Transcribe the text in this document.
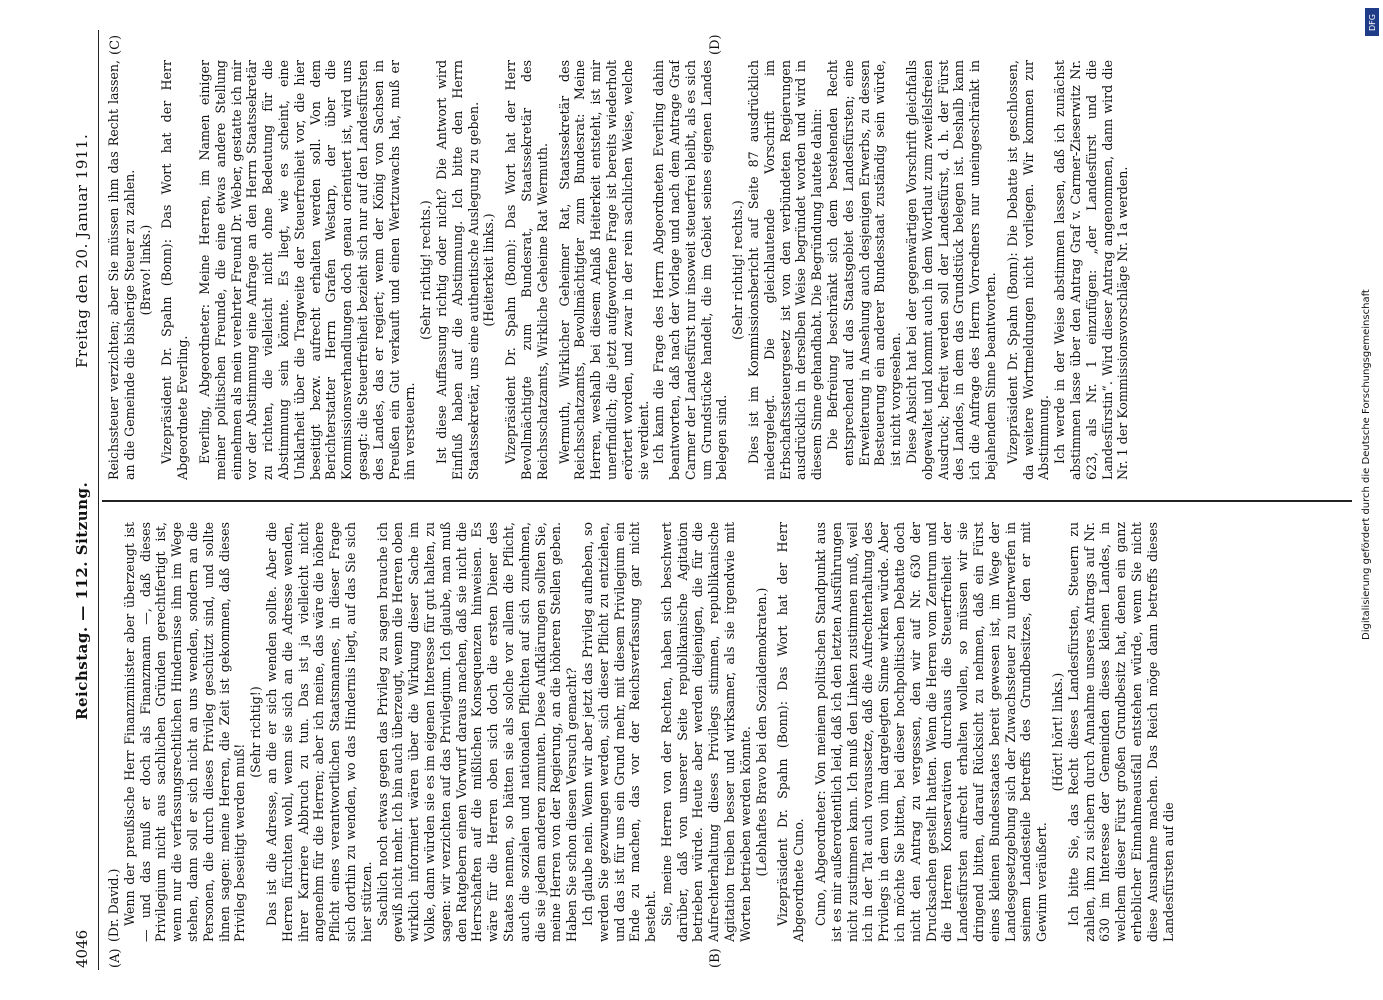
4046
Reichstag. — 112. Sitzung.
Freitag den 20. Januar 1911.
(A)	(B)
(C)	(D)

(Dr. David.) Wenn der preußische Herr Finanzminister aber überzeugt ist — und das muß er doch als Finanzmann —, daß dieses Privilegium nicht aus sachlichen Gründen gerechtfertigt ist, wenn nur die verfassungsrechtlichen Hindernisse ihm im Wege stehen, dann soll er sich nicht an uns wenden, sondern an die Personen, die durch dieses Privileg geschützt sind, und sollte ihnen sagen: meine Herren, die Zeit ist gekommen, daß dieses Privileg beseitigt werden muß!

(Sehr richtig!) Das ist die Adresse, an die er sich wenden sollte. Aber die Herren fürchten wohl, wenn sie sich an die Adresse wenden, ihrer Karriere Abbruch zu tun. Das ist ja vielleicht nicht angenehm für die Herren; aber ich meine, das wäre die höhere Pflicht eines verantwortlichen Staatsmannes, in dieser Frage sich dorthin zu wenden, wo das Hindernis liegt, auf das Sie sich hier stützen. Sachlich noch etwas gegen das Privileg zu sagen brauche ich gewiß nicht mehr. Ich bin auch überzeugt, wenn die Herren oben wirklich informiert wären über die Wirkung dieser Sache im Volke, dann würden sie es im eigenen Interesse für gut halten, zu sagen: wir verzichten auf das Privilegium. Ich glaube, man muß den Ratgebern einen Vorwurf daraus machen, daß sie nicht die Herrschaften auf die mißlichen Konsequenzen hinweisen. Es wäre für die Herren oben sich doch die ersten Diener des Staates nennen, so hätten sie als solche vor allem die Pflicht, auch die sozialen und nationalen Pflichten auf sich zunehmen, die sie jedem anderen zumuten. Diese Aufklärungen sollten Sie, meine Herren von der Regierung, an die höheren Stellen geben. Haben Sie schon diesen Versuch gemacht? Ich glaube nein. Wenn wir aber jetzt das Privileg aufheben, so werden Sie gezwungen werden, sich dieser Pflicht zu entziehen, und das ist für uns ein Grund mehr, mit diesem Privilegium ein Ende zu machen, das vor der Reichsverfassung gar nicht besteht. Sie, meine Herren von der Rechten, haben sich beschwert darüber, daß von unserer Seite republikanische Agitation betrieben würde. Heute aber werden diejenigen, die für die Aufrechterhaltung dieses Privilegs stimmen, republikanische Agitation treiben besser und wirksamer, als sie irgendwie mit Worten betrieben werden könnte. (Lebhaftes Bravo bei den Sozialdemokraten.) Vizepräsident Dr. Spahn (Bonn): Das Wort hat der Herr Abgeordnete Cuno. Cuno, Abgeordneter: Von meinem politischen Standpunkt aus ist es mir außerordentlich leid, daß ich den letzten Ausführungen nicht zustimmen kann. Ich muß den Linken zustimmen muß, weil ich in der Tat auch voraussetze, daß die Aufrechterhaltung des Privilegs in dem von ihm dargelegten Sinne wirken würde. Aber ich möchte Sie bitten, bei dieser hochpolitischen Debatte doch nicht den Antrag zu vergessen, den wir auf Nr. 630 der Drucksachen gestellt hatten. Wenn die Herren vom Zentrum und die Herren Konservativen durchaus die Steuerfreiheit der Landesfürsten aufrecht erhalten wollen, so müssen wir sie dringend bitten, darauf Rücksicht zu nehmen, daß ein Fürst eines kleinen Bundesstaates bereit gewesen ist, im Wege der Landesgesetzgebung sich der Zuwachssteuer zu unterwerfen in seinem Landesteile betreffs des Grundbesitzes, den er mit Gewinn veräußert.

(Hört! hört! links.) Ich bitte Sie, das Recht dieses Landesfürsten, Steuern zu zahlen, ihm zu sichern durch Annahme unseres Antrags auf Nr. 630 im Interesse der Gemeinden dieses kleinen Landes, in welchem dieser Fürst großen Grundbesitz hat, denen ein ganz erheblicher Einnahmeausfall entstehen würde, wenn Sie nicht diese Ausnahme machen. Das Reich möge dann betreffs dieses Landesfürsten auf die

Reichssteuer verzichten; aber Sie müssen ihm das Recht lassen, an die Gemeinde die bisherige Steuer zu zahlen. (Bravo! links.) Vizepräsident Dr. Spahn (Bonn): Das Wort hat der Herr Abgeordnete Everling. Everling, Abgeordneter: Meine Herren, im Namen einiger meiner politischen Freunde, die eine etwas andere Stellung einnehmen als mein verehrter Freund Dr. Weber, gestatte ich mir vor der Abstimmung eine Anfrage an den Herrn Staatssekretär zu richten, die vielleicht nicht ohne Bedeutung für die Abstimmung sein könnte. Es liegt, wie es scheint, eine Unklarheit über die Tragweite der Steuerfreiheit vor, die hier beseitigt bezw. aufrecht erhalten werden soll. Von dem Berichterstatter Herrn Grafen Westarp, der über die Kommissionsverhandlungen doch genau orientiert ist, wird uns gesagt: die Steuerfreiheit bezieht sich nur auf den Landesfürsten des Landes, das er regiert; wenn der König von Sachsen in Preußen ein Gut verkauft und einen Wertzuwachs hat, muß er ihn versteuern.

(Sehr richtig! rechts.) Ist diese Auffassung richtig oder nicht? Die Antwort wird Einfluß haben auf die Abstimmung. Ich bitte den Herrn Staatssekretär, uns eine authentische Auslegung zu geben. (Heiterkeit links.) Vizepräsident Dr. Spahn (Bonn): Das Wort hat der Herr Bevollmächtigte zum Bundesrat, Staatssekretär des Reichsschatzamts, Wirkliche Geheime Rat Wermuth. Wermuth, Wirklicher Geheimer Rat, Staatssekretär des Reichsschatzamts, Bevollmächtigter zum Bundesrat: Meine Herren, weshalb bei diesem Anlaß Heiterkeit entsteht, ist mir unerfindlich; die jetzt aufgeworfene Frage ist bereits wiederholt erörtert worden, und zwar in der rein sachlichen Weise, welche sie verdient. Ich kann die Frage des Herrn Abgeordneten Everling dahin beantworten, daß nach der Vorlage und nach dem Antrage Graf Carmer der Landesfürst nur insoweit steuerfrei bleibt, als es sich um Grundstücke handelt, die im Gebiet seines eigenen Landes belegen sind.

(Sehr richtig! rechts.) Dies ist im Kommissionsbericht auf Seite 87 ausdrücklich niedergelegt. Die gleichlautende Vorschrift im Erbschaftssteuergesetz ist von den verbündeten Regierungen ausdrücklich in derselben Weise begründet worden und wird in diesem Sinne gehandhabt. Die Begründung lautete dahin: Die Befreiung beschränkt sich dem bestehenden Recht entsprechend auf das Staatsgebiet des Landesfürsten; eine Erweiterung in Ansehung auch desjenigen Erwerbs, zu dessen Besteuerung ein anderer Bundesstaat zuständig sein würde, ist nicht vorgesehen. Diese Absicht hat bei der gegenwärtigen Vorschrift gleichfalls obgewaltet und kommt auch in dem Wortlaut zum zweifelsfreien Ausdruck; befreit werden soll der Landesfürst, d. h. der Fürst des Landes, in dem das Grundstück belegen ist. Deshalb kann ich die Anfrage des Herrn Vorredners nur uneingeschränkt in bejahendem Sinne beantworten. Vizepräsident Dr. Spahn (Bonn): Die Debatte ist geschlossen, da weitere Wortmeldungen nicht vorliegen. Wir kommen zur Abstimmung. Ich werde in der Weise abstimmen lassen, daß ich zunächst abstimmen lasse über den Antrag Graf v. Carmer-Zieserwitz Nr. 623, als Nr. 1 einzufügen: „der Landesfürst und die Landesfürstin“. Wird dieser Antrag angenommen, dann wird die Nr. 1 der Kommissionsvorschläge Nr. 1a werden.

DFG
Digitalisierung gefördert durch die Deutsche Forschungsgemeinschaft
